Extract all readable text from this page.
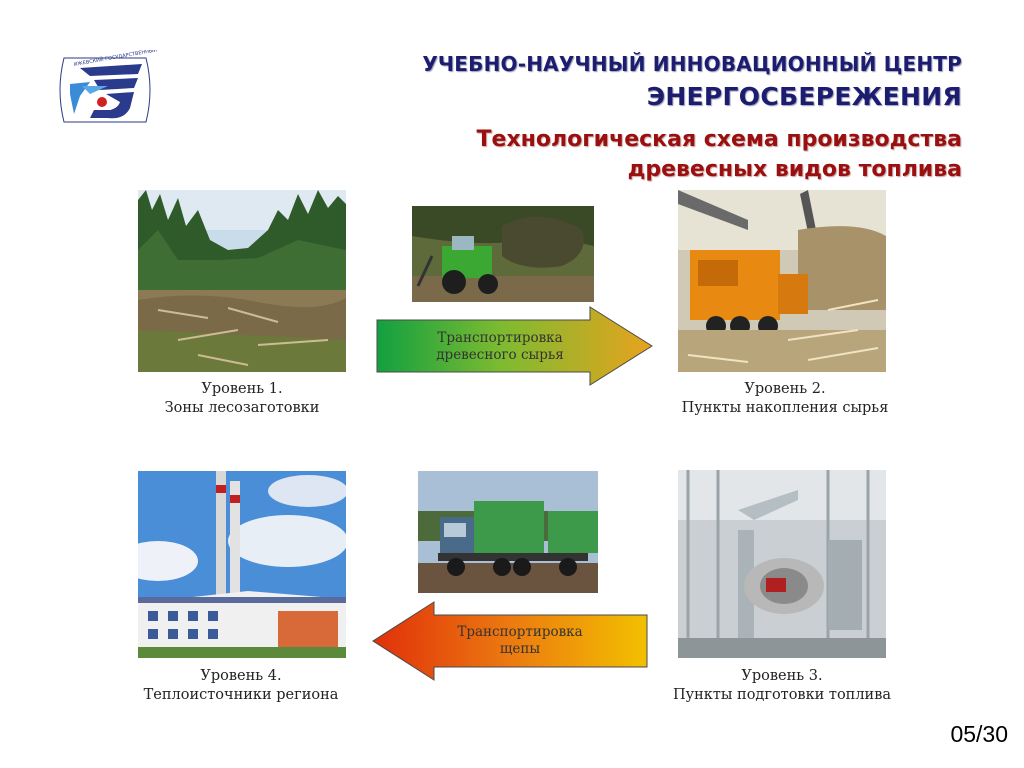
ИЖЕВСКИЙ ГОСУДАРСТВЕННЫЙ	УЧЕБНО-НАУЧНЫЙ ИННОВАЦИОННЫЙ ЦЕНТР
ЭНЕРГОСБЕРЕЖЕНИЯ
Технологическая схема производства
древесных видов топлива
Транспортировка
древесного сырья
Уровень 1.
Зоны лесозаготовки
Уровень 2.
Пункты накопления сырья
Транспортировка
щепы
Уровень 4.
Теплоисточники региона
Уровень 3.
Пункты подготовки топлива
05/30
